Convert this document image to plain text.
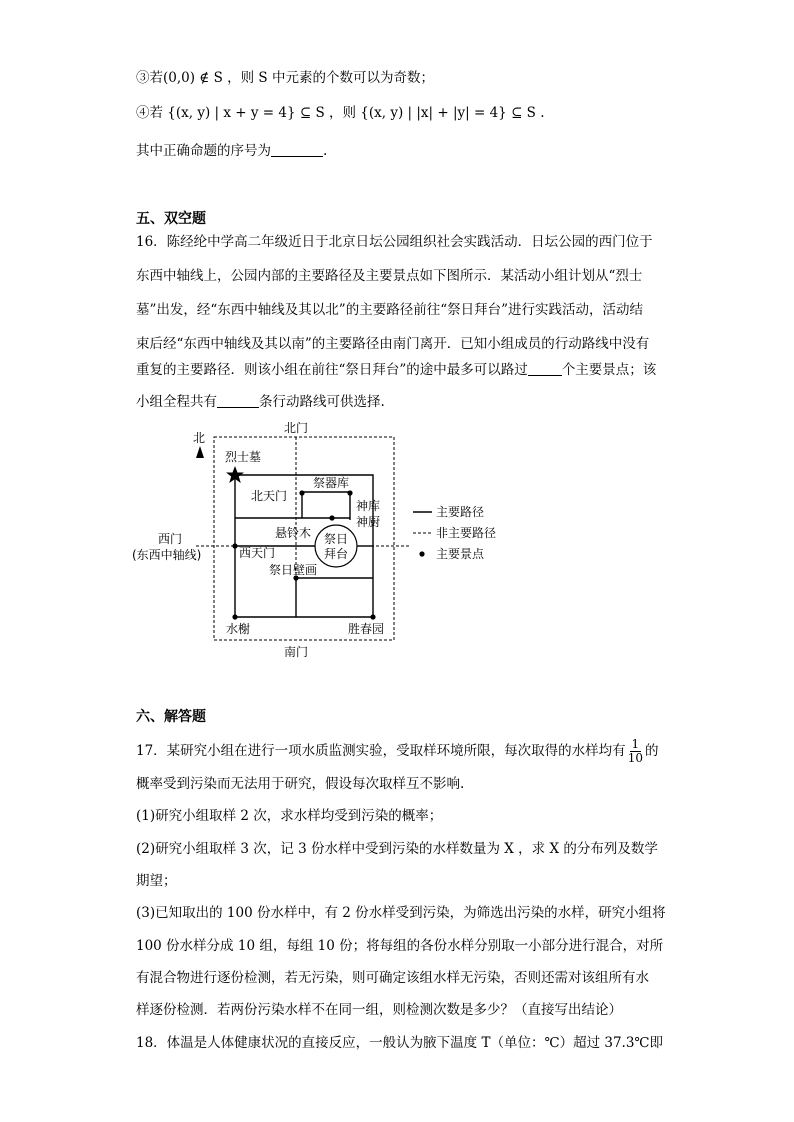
③若(0,0) ∉ S ，则 S 中元素的个数可以为奇数；
④若 {(x, y) | x + y = 4} ⊆ S ，则 {(x, y) | |x| + |y| = 4} ⊆ S .
其中正确命题的序号为	.
五、双空题
16．陈经纶中学高二年级近日于北京日坛公园组织社会实践活动．日坛公园的西门位于
东西中轴线上，公园内部的主要路径及主要景点如下图所示．某活动小组计划从“烈士
墓”出发，经“东西中轴线及其以北”的主要路径前往“祭日拜台”进行实践活动，活动结
束后经“东西中轴线及其以南”的主要路径由南门离开．已知小组成员的行动路线中没有
重复的主要路径．则该小组在前往“祭日拜台”的途中最多可以路过	个主要景点；该
小组全程共有	条行动路线可供选择.
北
北门
南门
西门
(东西中轴线)
烈士墓
祭器库
北天门
神库
神厨
悬铃木 祭日
拜台
西天门
祭日壁画
水榭	胜春园
主要路径
非主要路径
主要景点
六、解答题
17．某研究小组在进行一项水质监测实验，受取样环境所限，每次取得的水样均有 $\frac{1}{10}$ 的
概率受到污染而无法用于研究，假设每次取样互不影响.
(1)研究小组取样 2 次，求水样均受到污染的概率；
(2)研究小组取样 3 次，记 3 份水样中受到污染的水样数量为 X ，求 X 的分布列及数学
期望；
(3)已知取出的 100 份水样中，有 2 份水样受到污染，为筛选出污染的水样，研究小组将
100 份水样分成 10 组，每组 10 份；将每组的各份水样分别取一小部分进行混合，对所
有混合物进行逐份检测，若无污染，则可确定该组水样无污染，否则还需对该组所有水
样逐份检测．若两份污染水样不在同一组，则检测次数是多少？（直接写出结论）
18．体温是人体健康状况的直接反应，一般认为腋下温度 T（单位：℃）超过 37.3℃即
